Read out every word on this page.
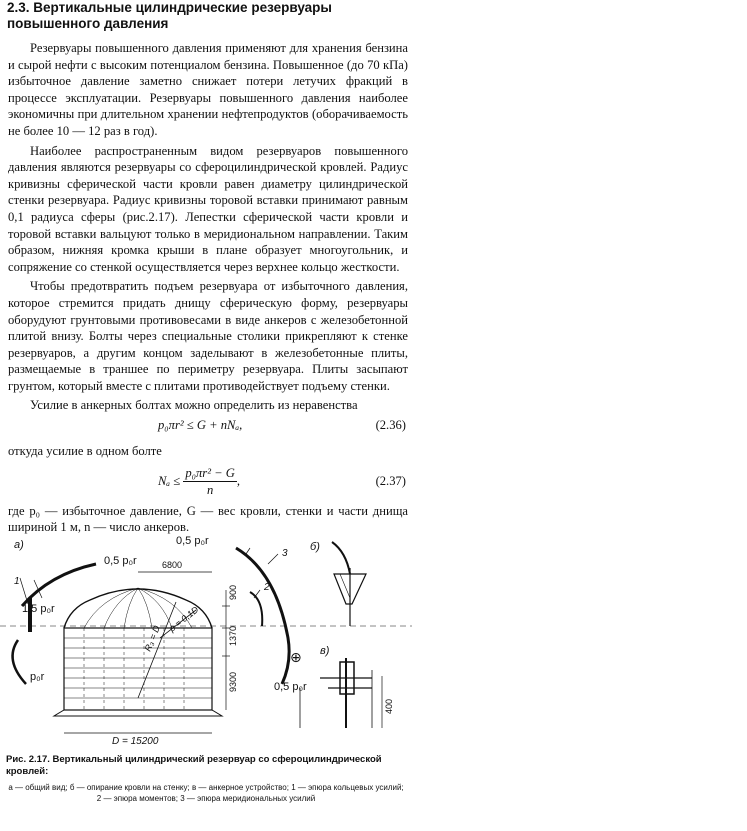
2.3. Вертикальные цилиндрические резервуары повышенного давления

Резервуары повышенного давления применяют для хранения бензина и сырой нефти с высоким потенциалом бензина. Повышенное (до 70 кПа) избыточное давление заметно снижает потери летучих фракций в процессе эксплуатации. Резервуары повышенного давления наиболее экономичны при длительном хранении нефтепродуктов (оборачиваемость не более 10 — 12 раз в год).

Наиболее распространенным видом резервуаров повышенного давления являются резервуары со сфероцилиндрической кровлей. Радиус кривизны сферической части кровли равен диаметру цилиндрической стенки резервуара. Радиус кривизны торовой вставки принимают равным 0,1 радиуса сферы (рис.2.17). Лепестки сферической части кровли и торовой вставки вальцуют только в меридиональном направлении. Таким образом, нижняя кромка крыши в плане образует многоугольник, и сопряжение со стенкой осуществляется через верхнее кольцо жесткости.

Чтобы предотвратить подъем резервуара от избыточного давления, которое стремится придать днищу сферическую форму, резервуары оборудуют грунтовыми противовесами в виде анкеров с железобетонной плитой внизу. Болты через специальные столики прикрепляют к стенке резервуаров, а другим концом заделывают в железобетонные плиты, размещаемые в траншее по периметру резервуара. Плиты засыпают грунтом, который вместе с плитами противодействует подъему стенки.

Усилие в анкерных болтах можно определить из неравенства

p₀πr² ≤ G + nNₐ,	(2.36)

откуда усилие в одном болте

$N_a \le \frac{\text{p₀πr² − G}}{n}$ ,	(2.37)

где p₀ — избыточное давление, G — вес кровли, стенки и части днища шириной 1 м, n — число анкеров.

а)	б)
в)
1
2
3
0,5 p₀r
1,5 p₀r
p₀r
0,5 p₀r
0,5 p₀r
⊕
6800
900
1370
9300
400
D = 15200
R₃ = D
ρ = 0,1D
Рис. 2.17. Вертикальный цилиндрический резервуар со сфероцилиндрической кровлей:
а — общий вид; б — опирание кровли на стенку; в — анкерное устройство; 1 — эпюра кольцевых усилий; 2 — эпюра моментов; 3 — эпюра меридиональных усилий
